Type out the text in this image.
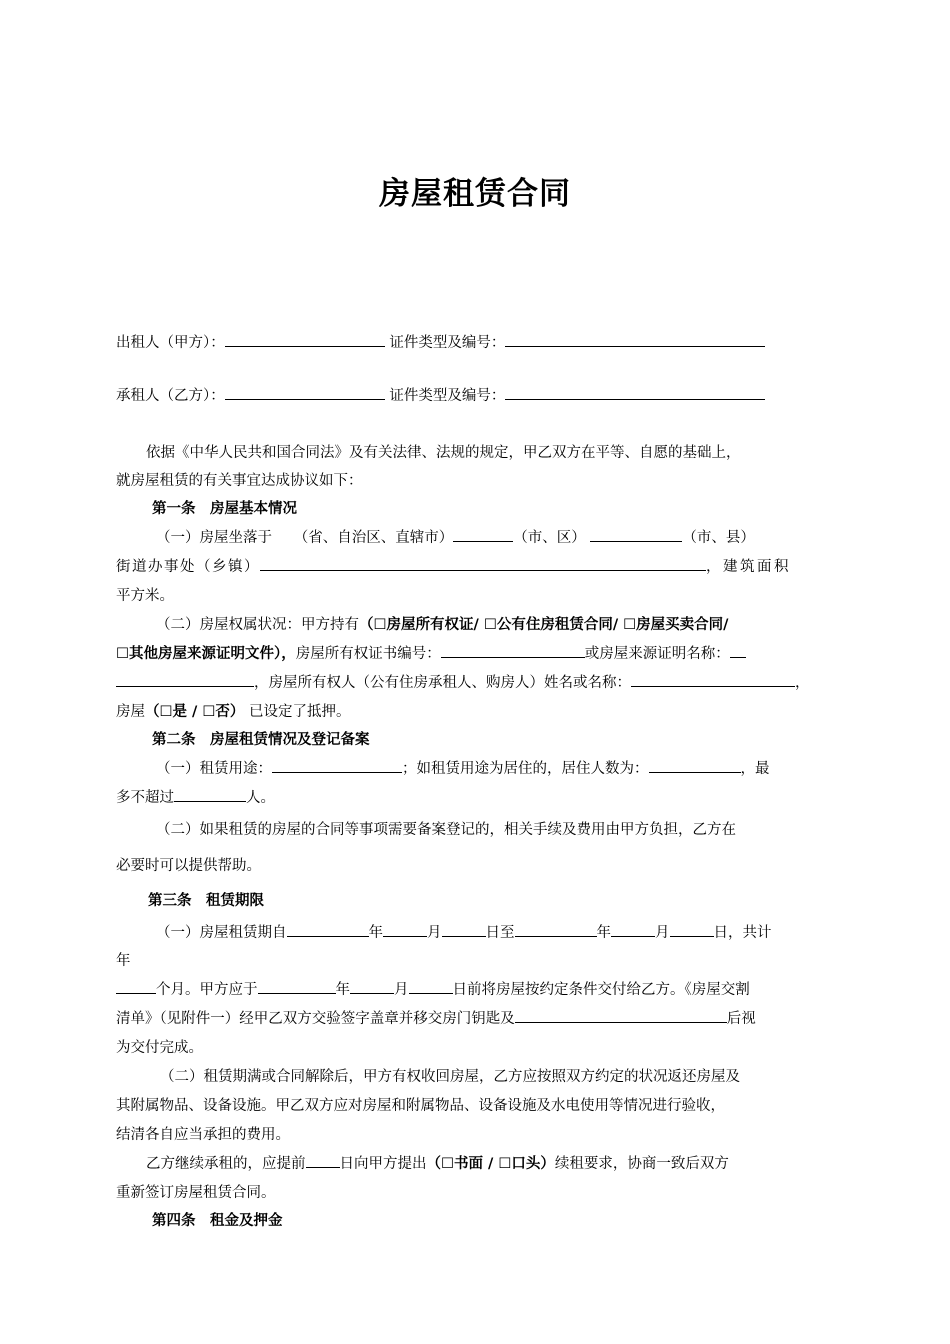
房屋租赁合同
出租人（甲方）：	证件类型及编号：
承租人（乙方）：	证件类型及编号：
依据《中华人民共和国合同法》及有关法律、法规的规定，甲乙双方在平等、自愿的基础上，
就房屋租赁的有关事宜达成协议如下：
第一条　房屋基本情况
（一）房屋坐落于　　（省、自治区、直辖市）	（市、区）	（市、县）
街道办事处（乡镇）	，建筑面积
平方米。
（二）房屋权属状况：甲方持有（☐房屋所有权证/ ☐公有住房租赁合同/ ☐房屋买卖合同/
☐其他房屋来源证明文件），房屋所有权证书编号：	或房屋来源证明名称：
，房屋所有权人（公有住房承租人、购房人）姓名或名称：	，
房屋（☐是 / ☐否） 已设定了抵押。
第二条　房屋租赁情况及登记备案
（一）租赁用途：	；如租赁用途为居住的，居住人数为：	，最
多不超过	人。
（二）如果租赁的房屋的合同等事项需要备案登记的，相关手续及费用由甲方负担，乙方在
必要时可以提供帮助。
第三条　租赁期限
（一）房屋租赁期自	年	月	日至	年	月	日，共计
年
个月。甲方应于	年	月	日前将房屋按约定条件交付给乙方。《房屋交割
清单》（见附件一）经甲乙双方交验签字盖章并移交房门钥匙及	后视
为交付完成。
（二）租赁期满或合同解除后，甲方有权收回房屋，乙方应按照双方约定的状况返还房屋及
其附属物品、设备设施。甲乙双方应对房屋和附属物品、设备设施及水电使用等情况进行验收，
结清各自应当承担的费用。
乙方继续承租的，应提前 日向甲方提出（☐书面 / ☐口头）续租要求，协商一致后双方
重新签订房屋租赁合同。
第四条　租金及押金
